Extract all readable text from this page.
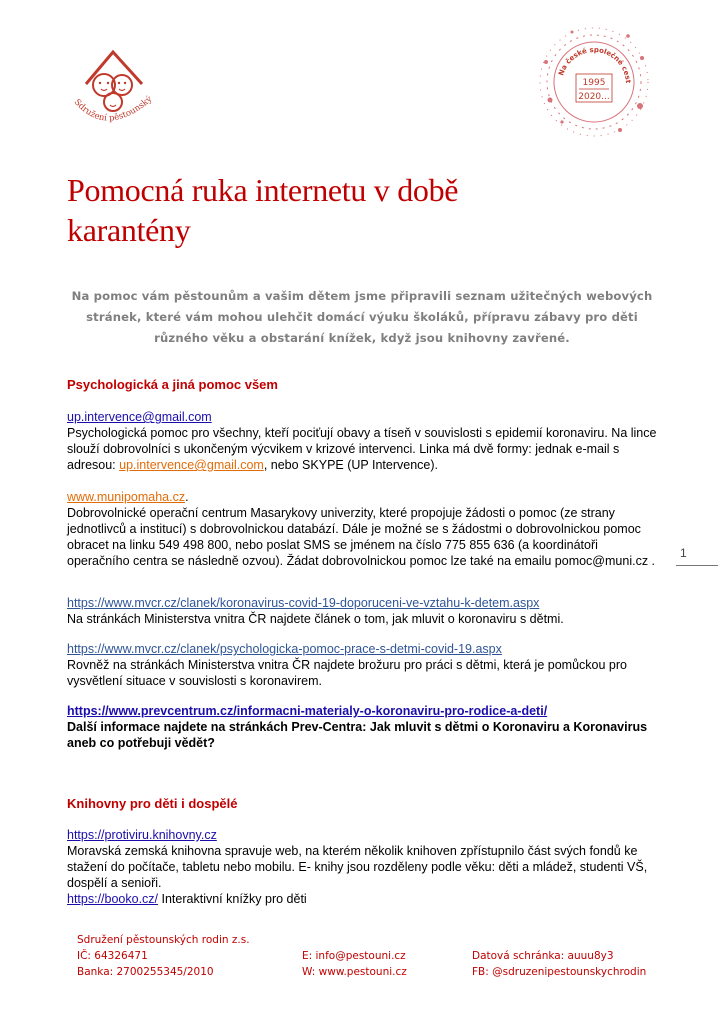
Sdružení pěstounský
Na české společné cest
1995
2020...
Pomocná ruka internetu v době karantény

Na pomoc vám pěstounům a vašim dětem jsme připravili seznam užitečných webových stránek, které vám mohou ulehčit domácí výuku školáků, přípravu zábavy pro děti různého věku a obstarání knížek, když jsou knihovny zavřené.

Psychologická a jiná pomoc všem

up.intervence@gmail.com

Psychologická pomoc pro všechny, kteří pociťují obavy a tíseň v souvislosti s epidemií koronaviru. Na lince slouží dobrovolníci s ukončeným výcvikem v krizové intervenci. Linka má dvě formy: jednak e-mail s adresou: up.intervence@gmail.com, nebo SKYPE (UP Intervence).

www.munipomaha.cz.

Dobrovolnické operační centrum Masarykovy univerzity, které propojuje žádosti o pomoc (ze strany jednotlivců a institucí) s dobrovolnickou databází. Dále je možné se s žádostmi o dobrovolnickou pomoc obracet na linku 549 498 800, nebo poslat SMS se jménem na číslo 775 855 636 (a koordinátoři operačního centra se následně ozvou). Žádat dobrovolnickou pomoc lze také na emailu pomoc@muni.cz .

https://www.mvcr.cz/clanek/koronavirus-covid-19-doporuceni-ve-vztahu-k-detem.aspx

Na stránkách Ministerstva vnitra ČR najdete článek o tom, jak mluvit o koronaviru s dětmi.

https://www.mvcr.cz/clanek/psychologicka-pomoc-prace-s-detmi-covid-19.aspx

Rovněž na stránkách Ministerstva vnitra ČR najdete brožuru pro práci s dětmi, která je pomůckou pro vysvětlení situace v souvislosti s koronavirem.

https://www.prevcentrum.cz/informacni-materialy-o-koronaviru-pro-rodice-a-deti/

Další informace najdete na stránkách Prev-Centra: Jak mluvit s dětmi o Koronaviru a Koronavirus aneb co potřebuji vědět?

Knihovny pro děti i dospělé

https://protiviru.knihovny.cz

Moravská zemská knihovna spravuje web, na kterém několik knihoven zpřístupnilo část svých fondů ke stažení do počítače, tabletu nebo mobilu. E- knihy jsou rozděleny podle věku: děti a mládež, studenti VŠ, dospělí a senioři.

https://booko.cz/ Interaktivní knížky pro děti

1
Sdružení pěstounských rodin z.s.
IČ: 64326471	E: info@pestouni.cz	Datová schránka: auuu8y3
Banka: 2700255345/2010	W: www.pestouni.cz	FB: @sdruzenipestounskychrodin
